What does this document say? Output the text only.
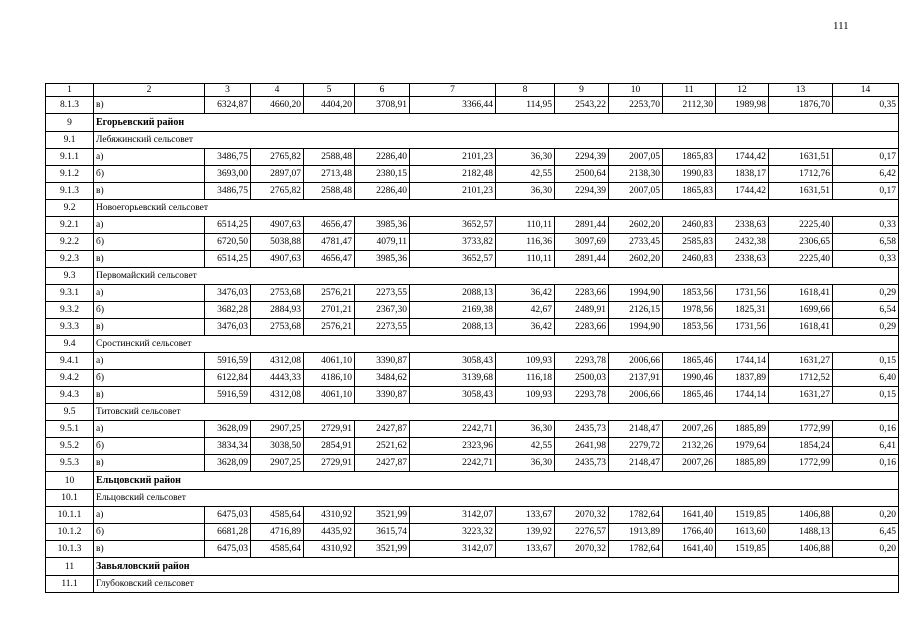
111
1	2	3	4	5	6	7	8	9	10	11	12	13	14
8.1.3	в)	6324,87	4660,20	4404,20	3708,91	3366,44	114,95	2543,22	2253,70	2112,30	1989,98	1876,70	0,35
9	Егорьевский район												
9.1	Лебяжинский сельсовет												
9.1.1	а)	3486,75	2765,82	2588,48	2286,40	2101,23	36,30	2294,39	2007,05	1865,83	1744,42	1631,51	0,17
9.1.2	б)	3693,00	2897,07	2713,48	2380,15	2182,48	42,55	2500,64	2138,30	1990,83	1838,17	1712,76	6,42
9.1.3	в)	3486,75	2765,82	2588,48	2286,40	2101,23	36,30	2294,39	2007,05	1865,83	1744,42	1631,51	0,17
9.2	Новоегорьевский сельсовет												
9.2.1	а)	6514,25	4907,63	4656,47	3985,36	3652,57	110,11	2891,44	2602,20	2460,83	2338,63	2225,40	0,33
9.2.2	б)	6720,50	5038,88	4781,47	4079,11	3733,82	116,36	3097,69	2733,45	2585,83	2432,38	2306,65	6,58
9.2.3	в)	6514,25	4907,63	4656,47	3985,36	3652,57	110,11	2891,44	2602,20	2460,83	2338,63	2225,40	0,33
9.3	Первомайский сельсовет												
9.3.1	а)	3476,03	2753,68	2576,21	2273,55	2088,13	36,42	2283,66	1994,90	1853,56	1731,56	1618,41	0,29
9.3.2	б)	3682,28	2884,93	2701,21	2367,30	2169,38	42,67	2489,91	2126,15	1978,56	1825,31	1699,66	6,54
9.3.3	в)	3476,03	2753,68	2576,21	2273,55	2088,13	36,42	2283,66	1994,90	1853,56	1731,56	1618,41	0,29
9.4	Сростинский сельсовет												
9.4.1	а)	5916,59	4312,08	4061,10	3390,87	3058,43	109,93	2293,78	2006,66	1865,46	1744,14	1631,27	0,15
9.4.2	б)	6122,84	4443,33	4186,10	3484,62	3139,68	116,18	2500,03	2137,91	1990,46	1837,89	1712,52	6,40
9.4.3	в)	5916,59	4312,08	4061,10	3390,87	3058,43	109,93	2293,78	2006,66	1865,46	1744,14	1631,27	0,15
9.5	Титовский сельсовет												
9.5.1	а)	3628,09	2907,25	2729,91	2427,87	2242,71	36,30	2435,73	2148,47	2007,26	1885,89	1772,99	0,16
9.5.2	б)	3834,34	3038,50	2854,91	2521,62	2323,96	42,55	2641,98	2279,72	2132,26	1979,64	1854,24	6,41
9.5.3	в)	3628,09	2907,25	2729,91	2427,87	2242,71	36,30	2435,73	2148,47	2007,26	1885,89	1772,99	0,16
10	Ельцовский район												
10.1	Ельцовский сельсовет												
10.1.1	а)	6475,03	4585,64	4310,92	3521,99	3142,07	133,67	2070,32	1782,64	1641,40	1519,85	1406,88	0,20
10.1.2	б)	6681,28	4716,89	4435,92	3615,74	3223,32	139,92	2276,57	1913,89	1766,40	1613,60	1488,13	6,45
10.1.3	в)	6475,03	4585,64	4310,92	3521,99	3142,07	133,67	2070,32	1782,64	1641,40	1519,85	1406,88	0,20
11	Завьяловский район												
11.1	Глубоковский сельсовет												
